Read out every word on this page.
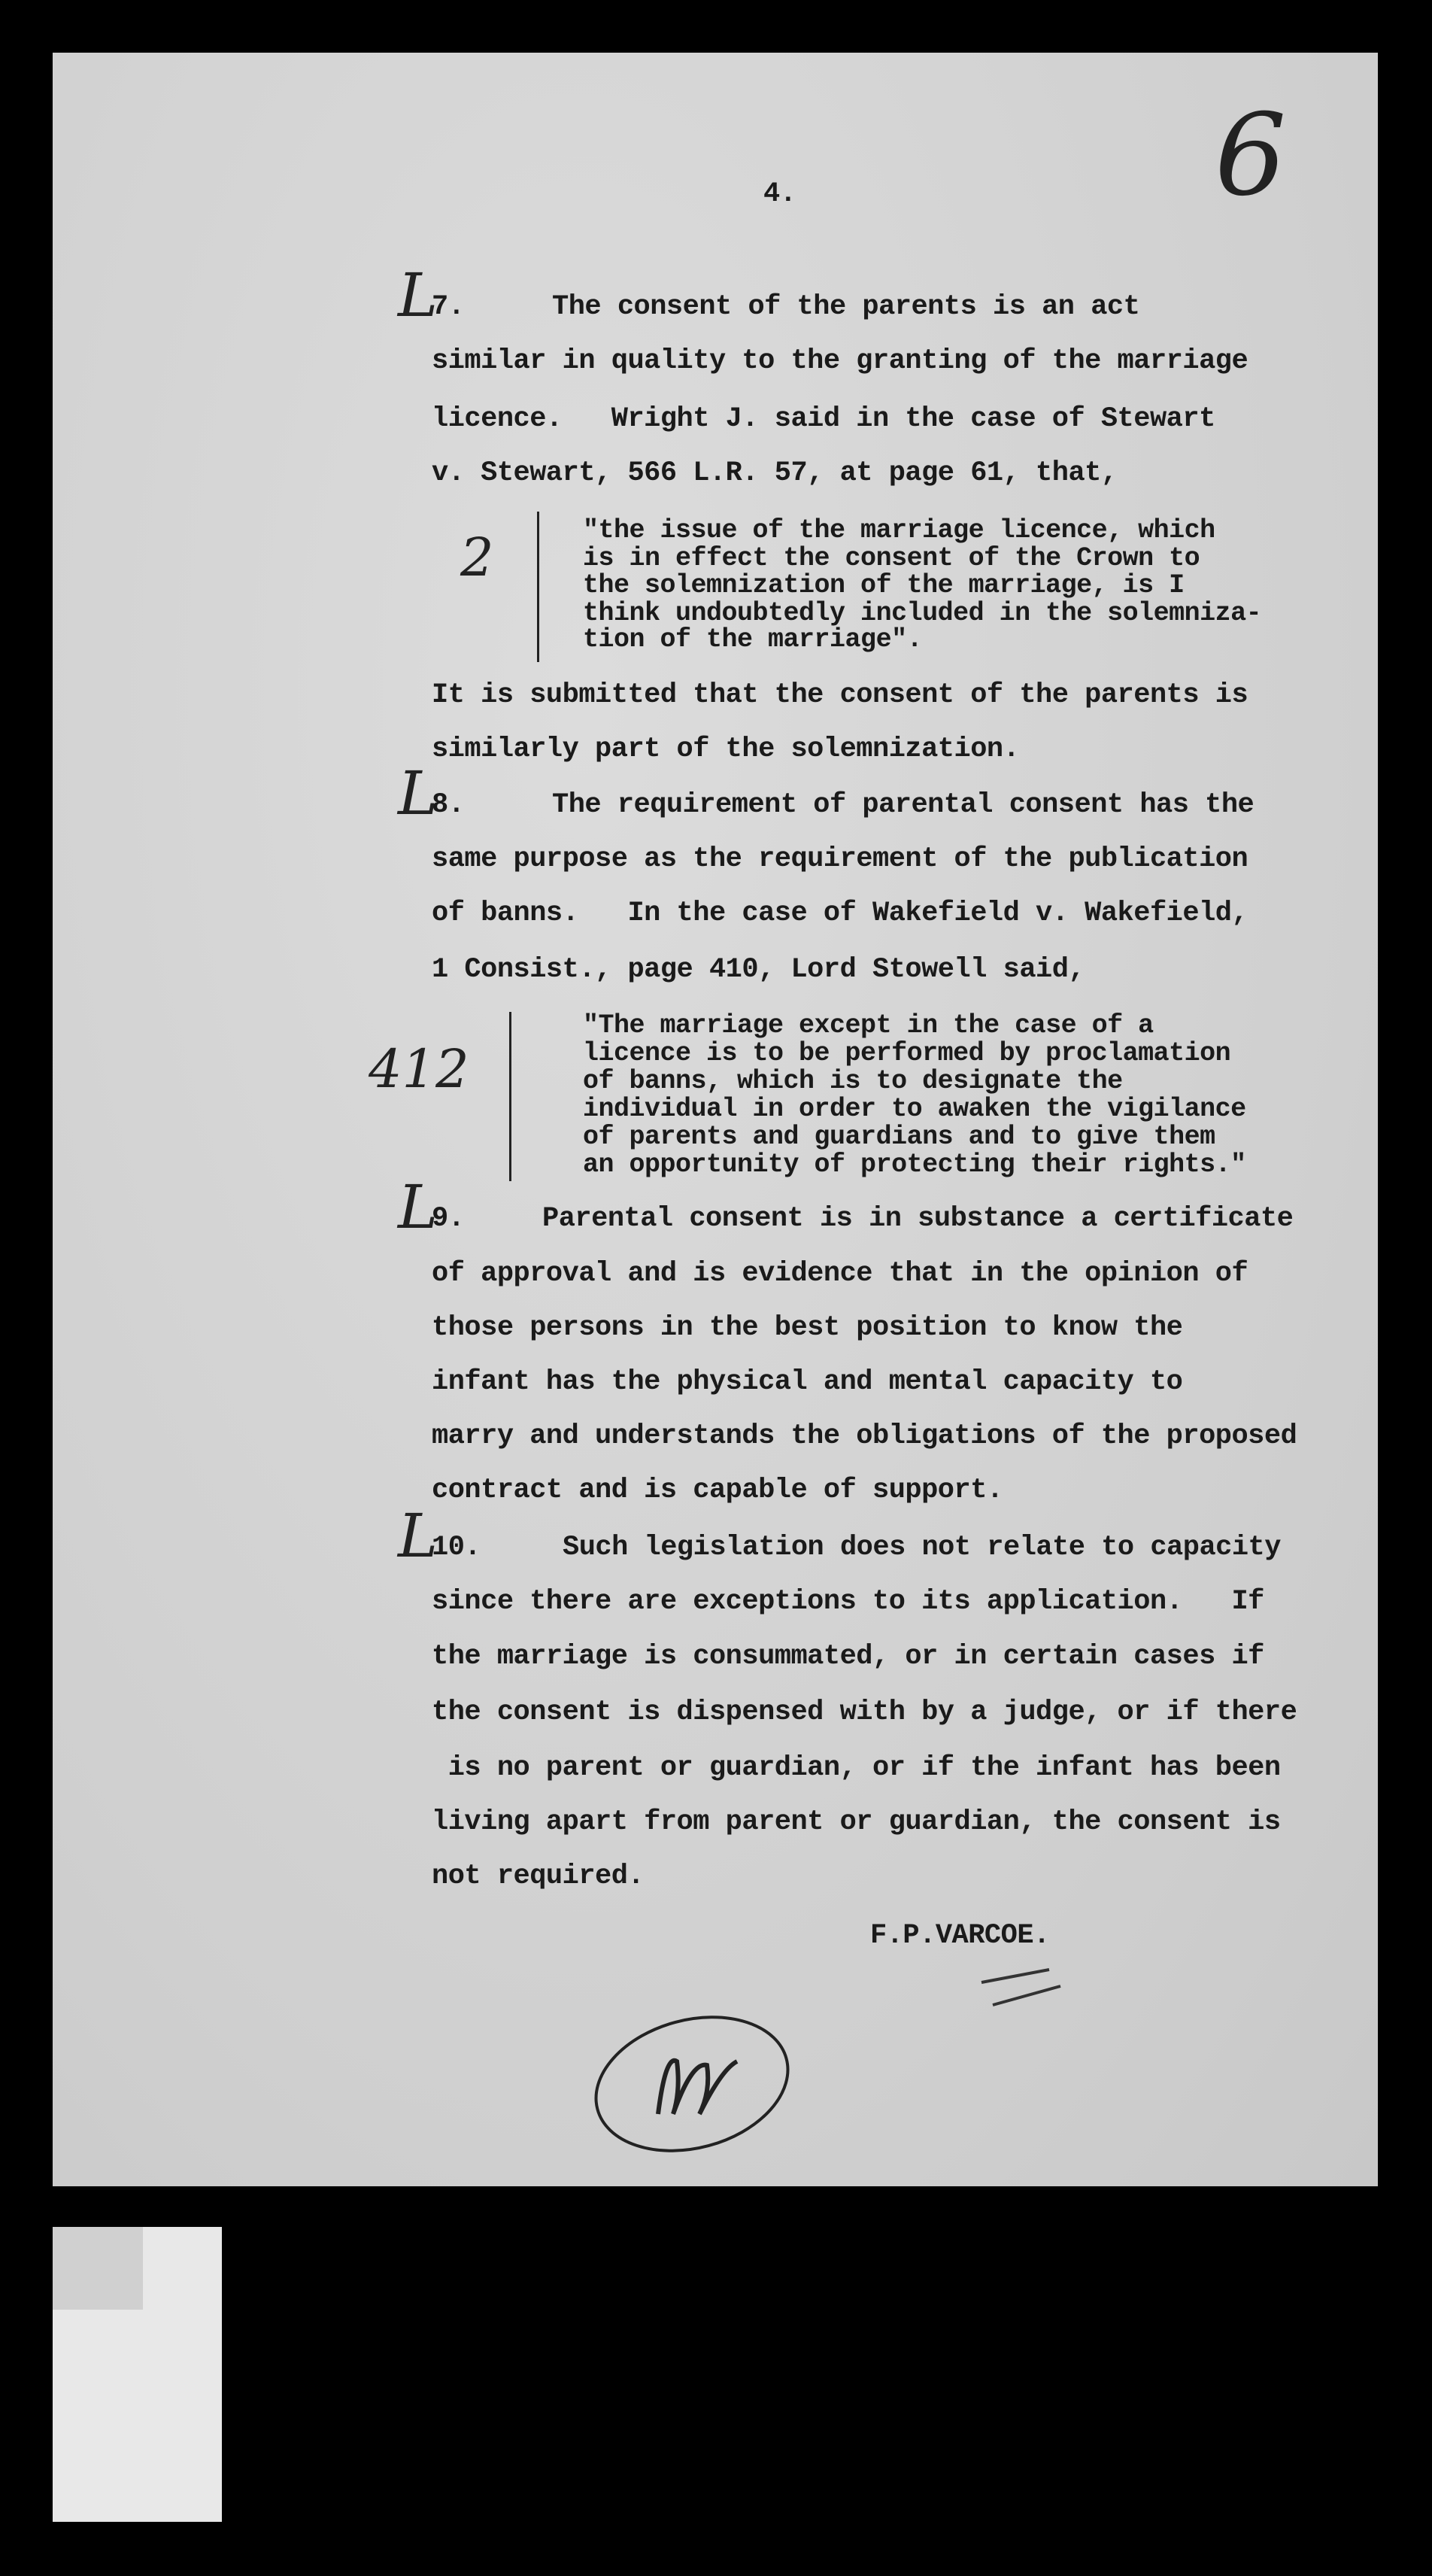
6
4.
7.
L	The consent of the parents is an act
similar in quality to the granting of the marriage
licence.   Wright J. said in the case of Stewart
v. Stewart, 566 L.R. 57, at page 61, that,
"the issue of the marriage licence, which
is in effect the consent of the Crown to
the solemnization of the marriage, is I
think undoubtedly included in the solemniza-
tion of the marriage".
It is submitted that the consent of the parents is
similarly part of the solemnization.
8.
L	The requirement of parental consent has the
same purpose as the requirement of the publication
of banns.   In the case of Wakefield v. Wakefield,
1 Consist., page 410, Lord Stowell said,
"The marriage except in the case of a
licence is to be performed by proclamation
of banns, which is to designate the
individual in order to awaken the vigilance
of parents and guardians and to give them
an opportunity of protecting their rights."
9.
L	Parental consent is in substance a certificate
of approval and is evidence that in the opinion of
those persons in the best position to know the
infant has the physical and mental capacity to
marry and understands the obligations of the proposed
contract and is capable of support.
10.
L	Such legislation does not relate to capacity
since there are exceptions to its application.   If
the marriage is consummated, or in certain cases if
the consent is dispensed with by a judge, or if there
is no parent or guardian, or if the infant has been
living apart from parent or guardian, the consent is
not required.
2
412
F.P.VARCOE.
